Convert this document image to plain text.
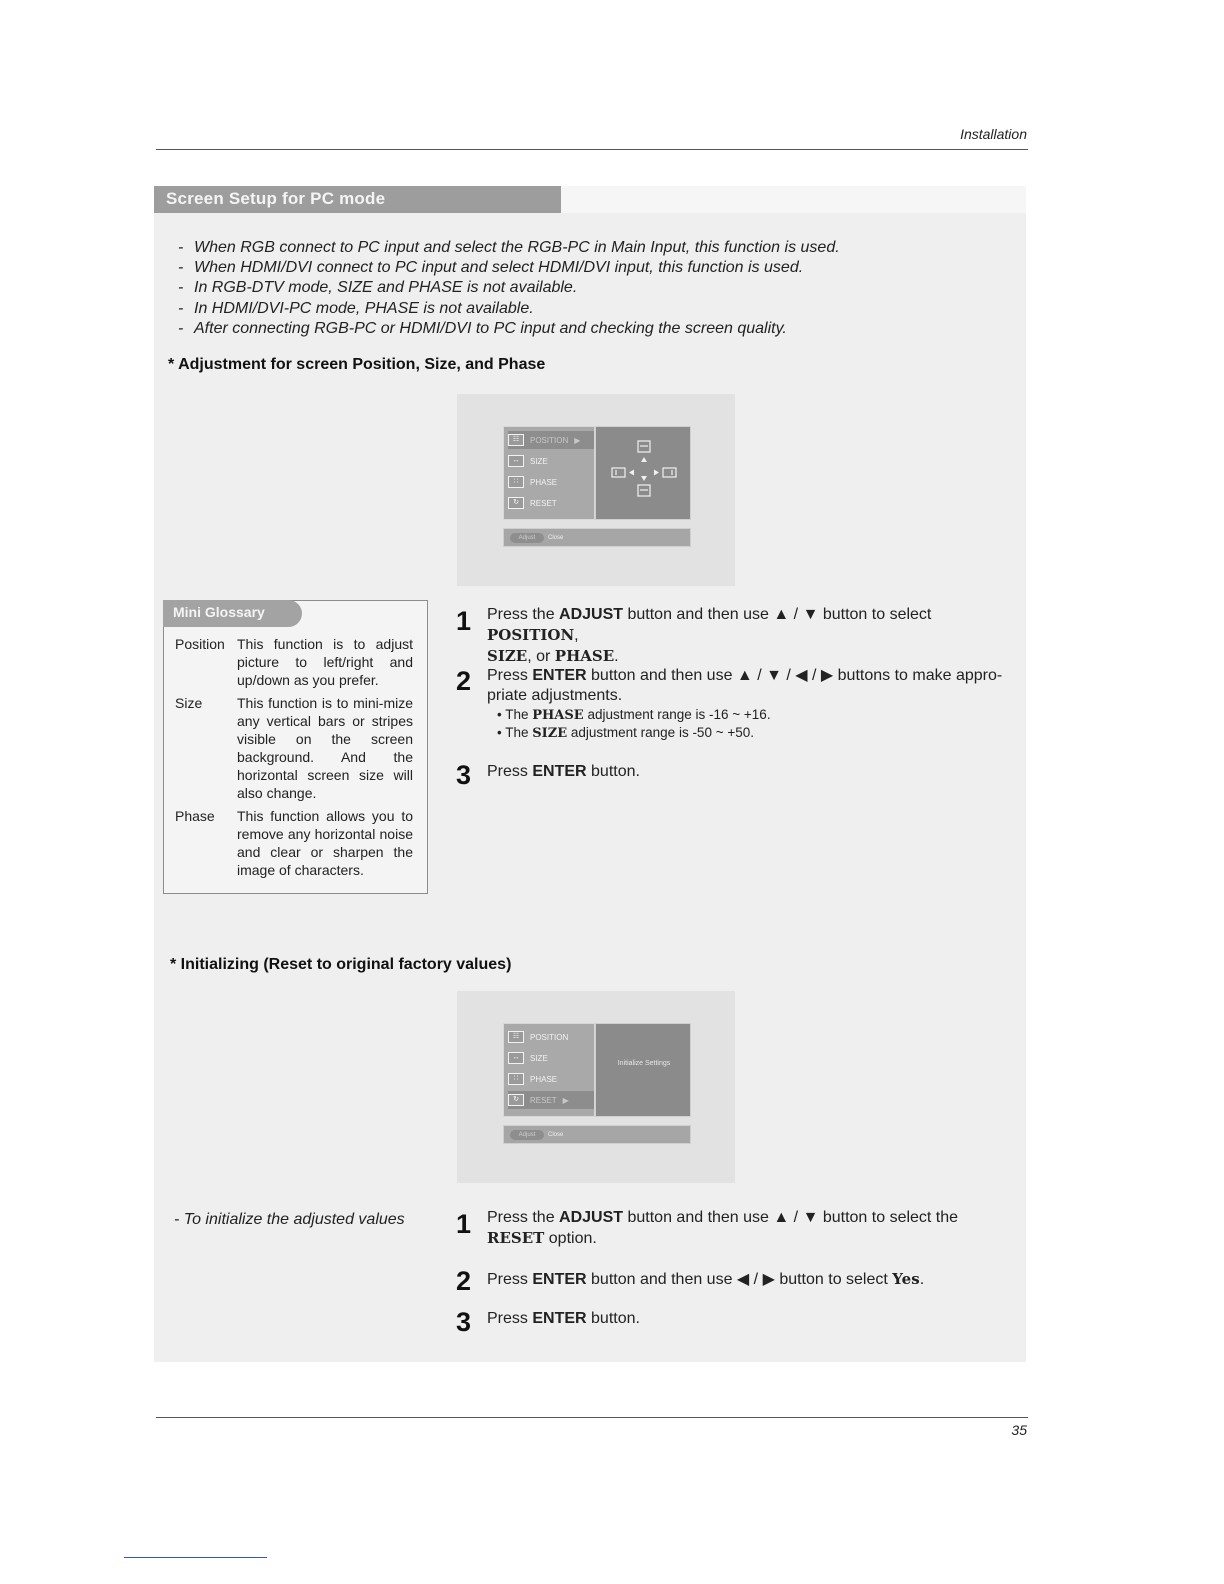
Installation
Screen Setup for PC mode
- When RGB connect to PC input and select the RGB-PC in Main Input, this function is used.
- When HDMI/DVI connect to PC input and select HDMI/DVI input, this function is used.
- In RGB-DTV mode, SIZE and PHASE is not available.
- In HDMI/DVI-PC mode, PHASE is not available.
- After connecting RGB-PC or HDMI/DVI to PC input and checking the screen quality.
* Adjustment for screen Position, Size, and Phase
☷	POSITION ▶
↔	SIZE
∷	PHASE
↻	RESET
Adjust	Close
Mini Glossary
Position This function is to adjust picture to left/right and up/down as you prefer.
Size This function is to mini-mize any vertical bars or stripes visible on the screen background. And the horizontal screen size will also change.
Phase This function allows you to remove any horizontal noise and clear or sharpen the image of characters.
1 Press the ADJUST button and then use ▲ / ▼ button to select POSITION,
SIZE, or PHASE.
2 Press ENTER button and then use ▲ / ▼ / ◀ / ▶ buttons to make appro-priate adjustments.
• The PHASE adjustment range is -16 ~ +16.
• The SIZE adjustment range is -50 ~ +50.
3 Press ENTER button.
* Initializing (Reset to original factory values)
☷	POSITION
↔	SIZE
∷	PHASE
↻	RESET ▶
Initialize Settings
Adjust	Close
- To initialize the adjusted values 1 Press the ADJUST button and then use ▲ / ▼ button to select the
RESET option.
2 Press ENTER button and then use ◀ / ▶ button to select Yes.
3 Press ENTER button.
35
